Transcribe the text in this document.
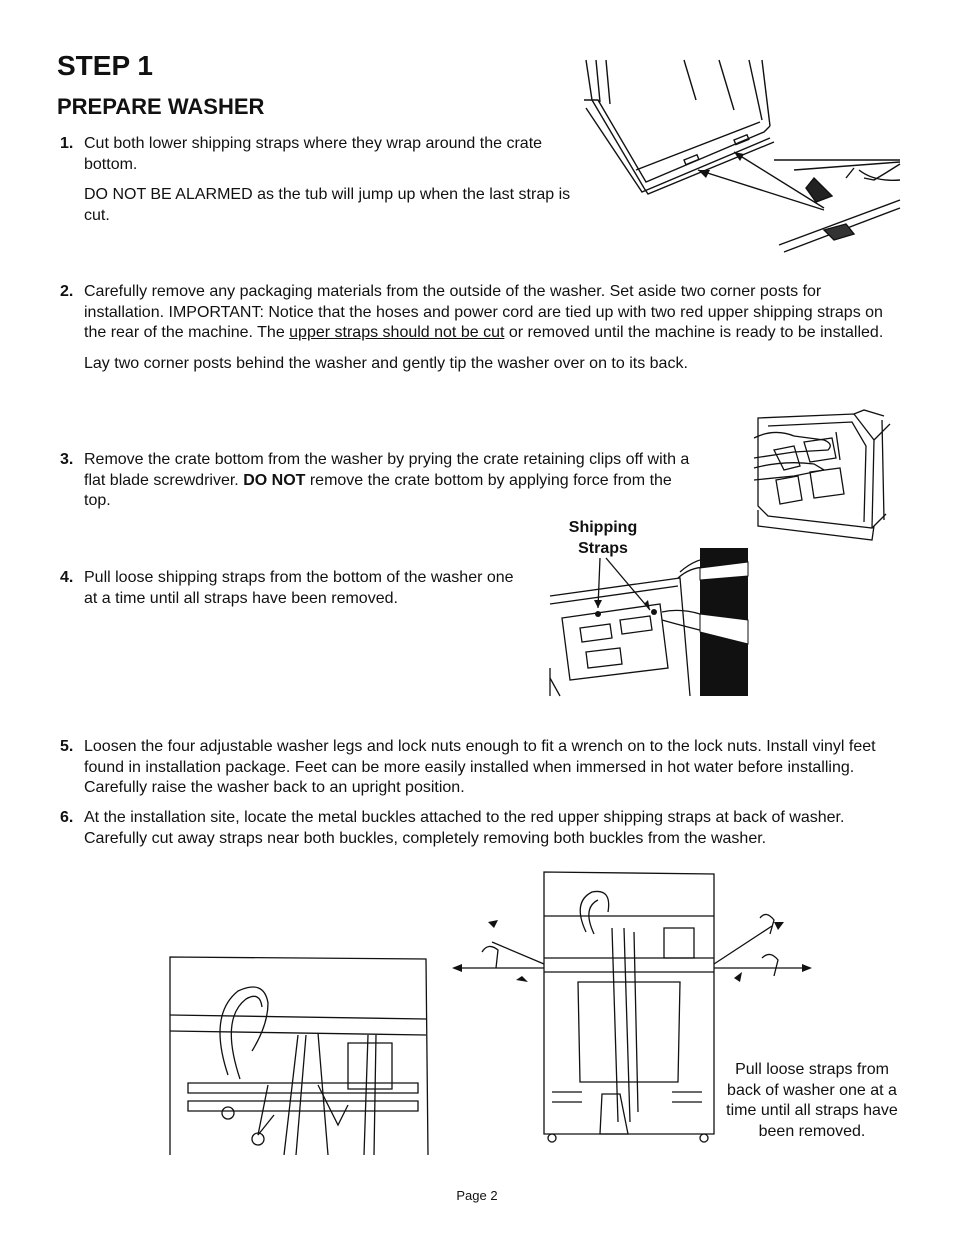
STEP 1
PREPARE WASHER
1. Cut both lower shipping straps where they wrap around the crate bottom.

DO NOT BE ALARMED as the tub will jump up when the last strap is cut.

2. Carefully remove any packaging materials from the outside of the washer. Set aside two corner posts for installation. IMPORTANT: Notice that the hoses and power cord are tied up with two red upper shipping straps on the rear of the machine. The upper straps should not be cut or removed until the machine is ready to be installed.

Lay two corner posts behind the washer and gently tip the washer over on to its back.

3. Remove the crate bottom from the washer by prying the crate retaining clips off with a flat blade screwdriver. DO NOT remove the crate bottom by applying force from the top.

4. Pull loose shipping straps from the bottom of the washer one at a time until all straps have been removed.

5. Loosen the four adjustable washer legs and lock nuts enough to fit a wrench on to the lock nuts. Install vinyl feet found in installation package. Feet can be more easily installed when immersed in hot water before installing. Carefully raise the washer back to an upright position.

6. At the installation site, locate the metal buckles attached to the red upper shipping straps at back of washer. Carefully cut away straps near both buckles, completely removing both buckles from the washer.

Shipping Straps
Pull loose straps from back of washer one at a time until all straps have been removed.
Page 2
